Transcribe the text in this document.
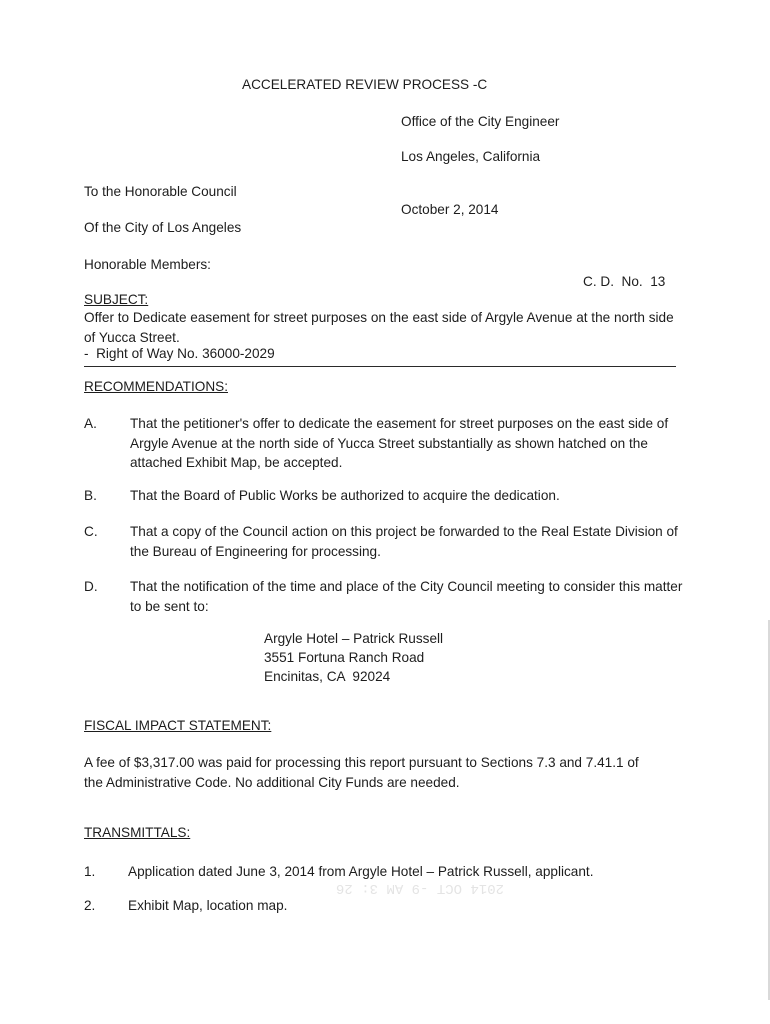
ACCELERATED REVIEW PROCESS -C
Office of the City Engineer
Los Angeles, California
To the Honorable Council
October 2, 2014
Of the City of Los Angeles
Honorable Members:
C. D.  No.  13
SUBJECT:
Offer to Dedicate easement for street purposes on the east side of Argyle Avenue at the north side of Yucca Street.
-  Right of Way No. 36000-2029
RECOMMENDATIONS:
A. That the petitioner's offer to dedicate the easement for street purposes on the east side of Argyle Avenue at the north side of Yucca Street substantially as shown hatched on the attached Exhibit Map, be accepted.
B. That the Board of Public Works be authorized to acquire the dedication.
C. That a copy of the Council action on this project be forwarded to the Real Estate Division of the Bureau of Engineering for processing.
D. That the notification of the time and place of the City Council meeting to consider this matter to be sent to:
Argyle Hotel – Patrick Russell
3551 Fortuna Ranch Road
Encinitas, CA  92024
FISCAL IMPACT STATEMENT:
A fee of $3,317.00 was paid for processing this report pursuant to Sections 7.3 and 7.41.1 of the Administrative Code. No additional City Funds are needed.
TRANSMITTALS:
1. Application dated June 3, 2014 from Argyle Hotel – Patrick Russell, applicant.
2. Exhibit Map, location map.
2014 OCT -9 AM 3: 26
